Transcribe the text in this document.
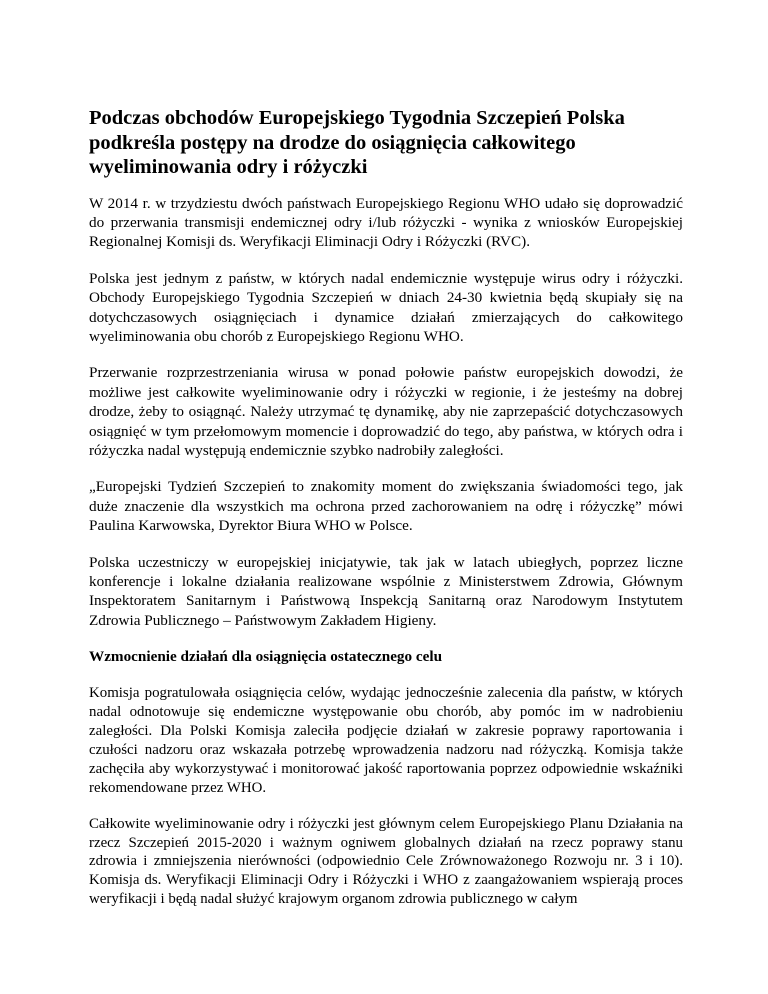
Podczas obchodów Europejskiego Tygodnia Szczepień Polska podkreśla postępy na drodze do osiągnięcia całkowitego wyeliminowania odry i różyczki

W 2014 r. w trzydziestu dwóch państwach Europejskiego Regionu WHO udało się doprowadzić do przerwania transmisji endemicznej odry i/lub różyczki - wynika z wniosków Europejskiej Regionalnej Komisji ds. Weryfikacji Eliminacji Odry i Różyczki (RVC).

Polska jest jednym z państw, w których nadal endemicznie występuje wirus odry i różyczki. Obchody Europejskiego Tygodnia Szczepień w dniach 24-30 kwietnia będą skupiały się na dotychczasowych osiągnięciach i dynamice działań zmierzających do całkowitego wyeliminowania obu chorób z Europejskiego Regionu WHO.

Przerwanie rozprzestrzeniania wirusa w ponad połowie państw europejskich dowodzi, że możliwe jest całkowite wyeliminowanie odry i różyczki w regionie, i że jesteśmy na dobrej drodze, żeby to osiągnąć. Należy utrzymać tę dynamikę, aby nie zaprzepaścić dotychczasowych osiągnięć w tym przełomowym momencie i doprowadzić do tego, aby państwa, w których odra i różyczka nadal występują endemicznie szybko nadrobiły zaległości.

„Europejski Tydzień Szczepień to znakomity moment do zwiększania świadomości tego, jak duże znaczenie dla wszystkich ma ochrona przed zachorowaniem na odrę i różyczkę” mówi Paulina Karwowska, Dyrektor Biura WHO w Polsce.

Polska uczestniczy w europejskiej inicjatywie, tak jak w latach ubiegłych, poprzez liczne konferencje i lokalne działania realizowane wspólnie z Ministerstwem Zdrowia, Głównym Inspektoratem Sanitarnym i Państwową Inspekcją Sanitarną oraz Narodowym Instytutem Zdrowia Publicznego – Państwowym Zakładem Higieny.

Wzmocnienie działań dla osiągnięcia ostatecznego celu

Komisja pogratulowała osiągnięcia celów, wydając jednocześnie zalecenia dla państw, w których nadal odnotowuje się endemiczne występowanie obu chorób, aby pomóc im w nadrobieniu zaległości. Dla Polski Komisja zaleciła podjęcie działań w zakresie poprawy raportowania i czułości nadzoru oraz wskazała potrzebę wprowadzenia nadzoru nad różyczką. Komisja także zachęciła aby wykorzystywać i monitorować jakość raportowania poprzez odpowiednie wskaźniki rekomendowane przez WHO.

Całkowite wyeliminowanie odry i różyczki jest głównym celem Europejskiego Planu Działania na rzecz Szczepień 2015-2020 i ważnym ogniwem globalnych działań na rzecz poprawy stanu zdrowia i zmniejszenia nierówności (odpowiednio Cele Zrównoważonego Rozwoju nr. 3 i 10). Komisja ds. Weryfikacji Eliminacji Odry i Różyczki i WHO z zaangażowaniem wspierają proces weryfikacji i będą nadal służyć krajowym organom zdrowia publicznego w całym
